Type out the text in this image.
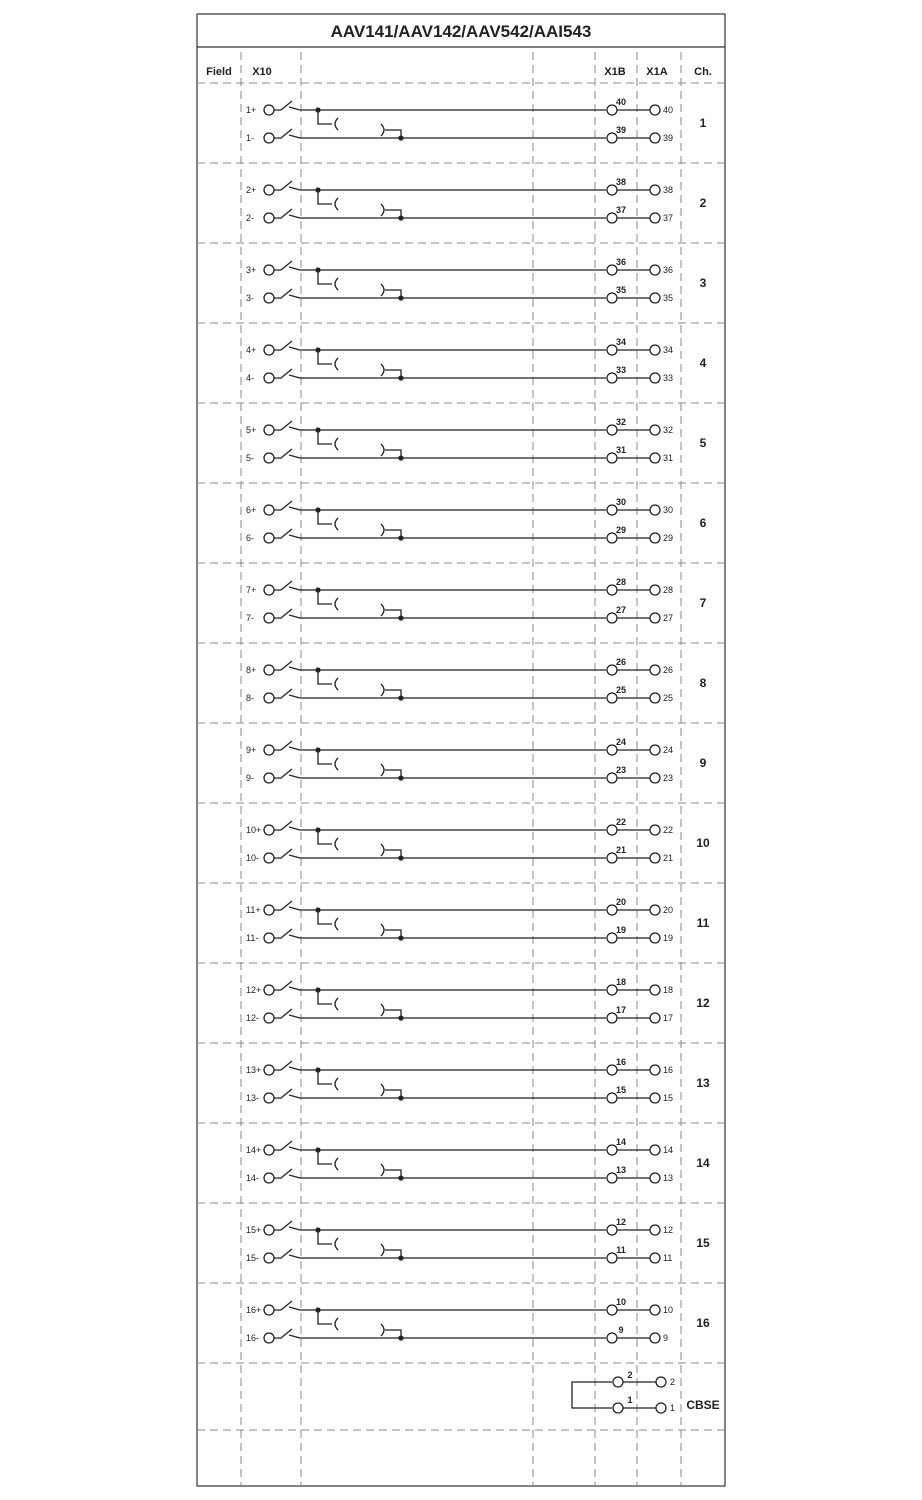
AAV141/AAV142/AAV542/AAI543
Field X10	X1B X1A Ch.
1+
1-
40
39
40
39
1
2+
2-
38
37
38
37
2
3+
3-
36
35
36
35
3
4+
4-
34
33
34
33
4
5+
5-
32
31
32
31
5
6+
6-
30
29
30
29
6
7+
7-
28
27
28
27
7
8+
8-
26
25
26
25
8
9+
9-
24
23
24
23
9
10+
10-
22
21
22
21
10
11+
11-
20
19
20
19
11
12+
12-
18
17
18
17
12
13+
13-
16
15
16
15
13
14+
14-
14
13
14
13
14
15+
15-
12
11
12
11
15
16+
16-
10
9
10
9
16
2
1
2
1 CBSE
